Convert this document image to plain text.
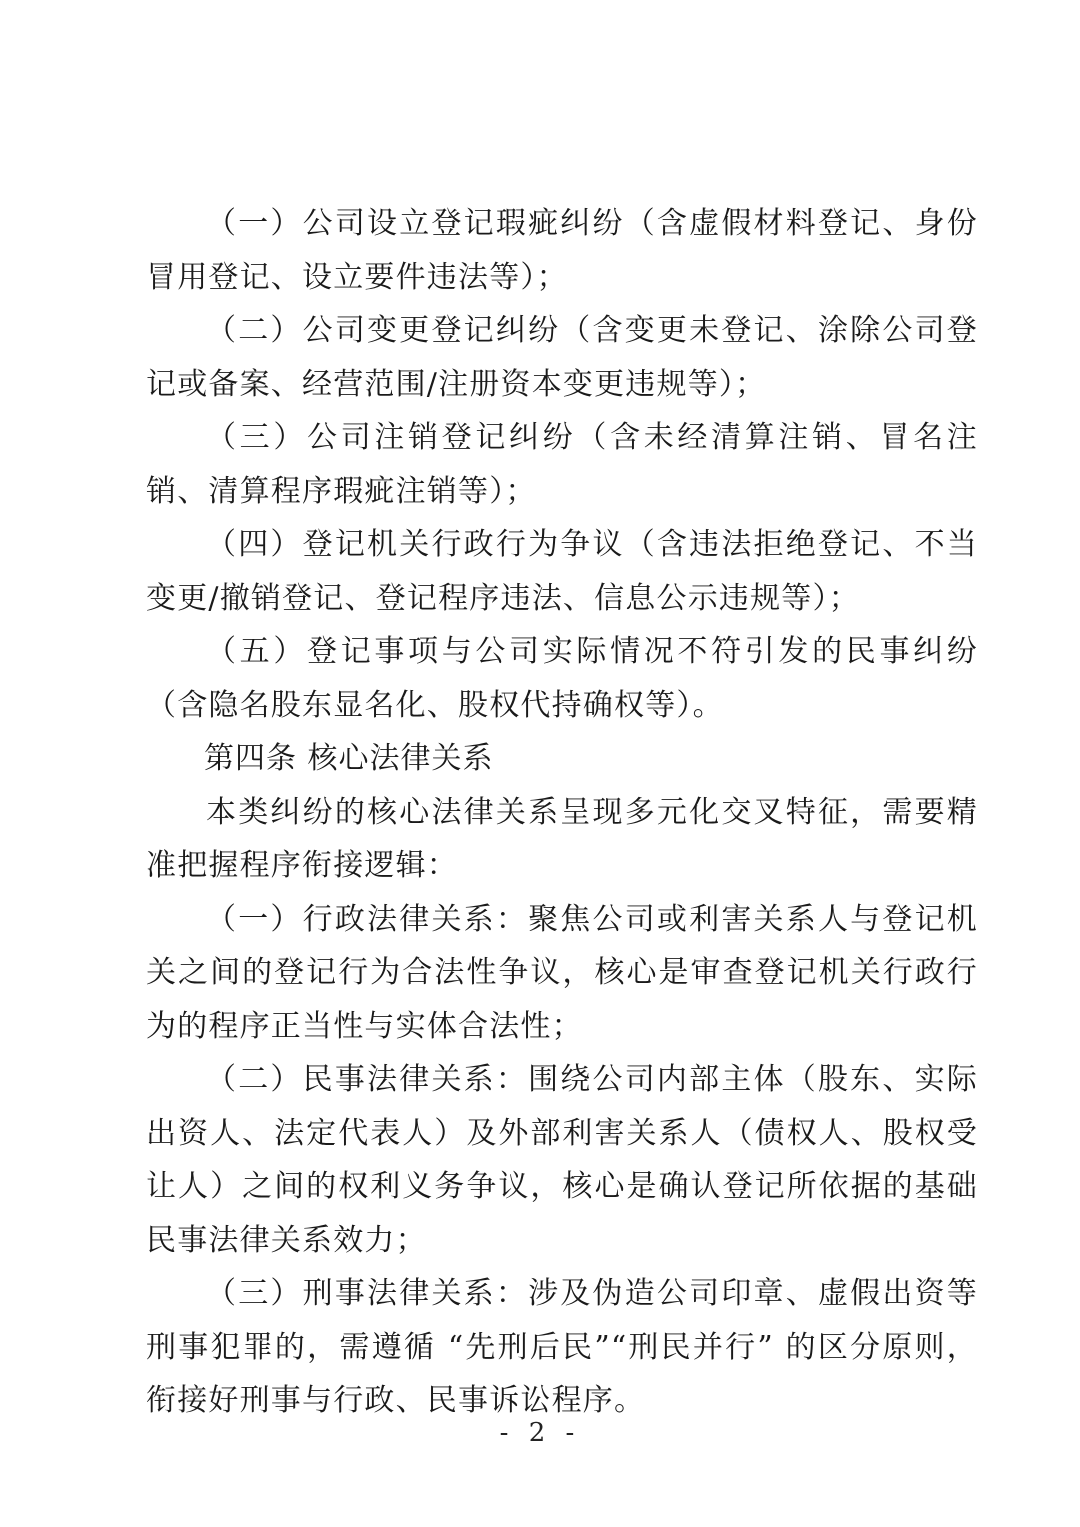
（一）公司设立登记瑕疵纠纷（含虚假材料登记、身份冒用登记、设立要件违法等）；

（二）公司变更登记纠纷（含变更未登记、涂除公司登记或备案、经营范围/注册资本变更违规等）；

（三）公司注销登记纠纷（含未经清算注销、冒名注销、清算程序瑕疵注销等）；

（四）登记机关行政行为争议（含违法拒绝登记、不当变更/撤销登记、登记程序违法、信息公示违规等）；

（五）登记事项与公司实际情况不符引发的民事纠纷（含隐名股东显名化、股权代持确权等）。

第四条 核心法律关系

本类纠纷的核心法律关系呈现多元化交叉特征，需要精准把握程序衔接逻辑：

（一）行政法律关系：聚焦公司或利害关系人与登记机关之间的登记行为合法性争议，核心是审查登记机关行政行为的程序正当性与实体合法性；

（二）民事法律关系：围绕公司内部主体（股东、实际出资人、法定代表人）及外部利害关系人（债权人、股权受让人）之间的权利义务争议，核心是确认登记所依据的基础民事法律关系效力；

（三）刑事法律关系：涉及伪造公司印章、虚假出资等刑事犯罪的，需遵循 “先刑后民”“刑民并行” 的区分原则，衔接好刑事与行政、民事诉讼程序。

- 2 -
